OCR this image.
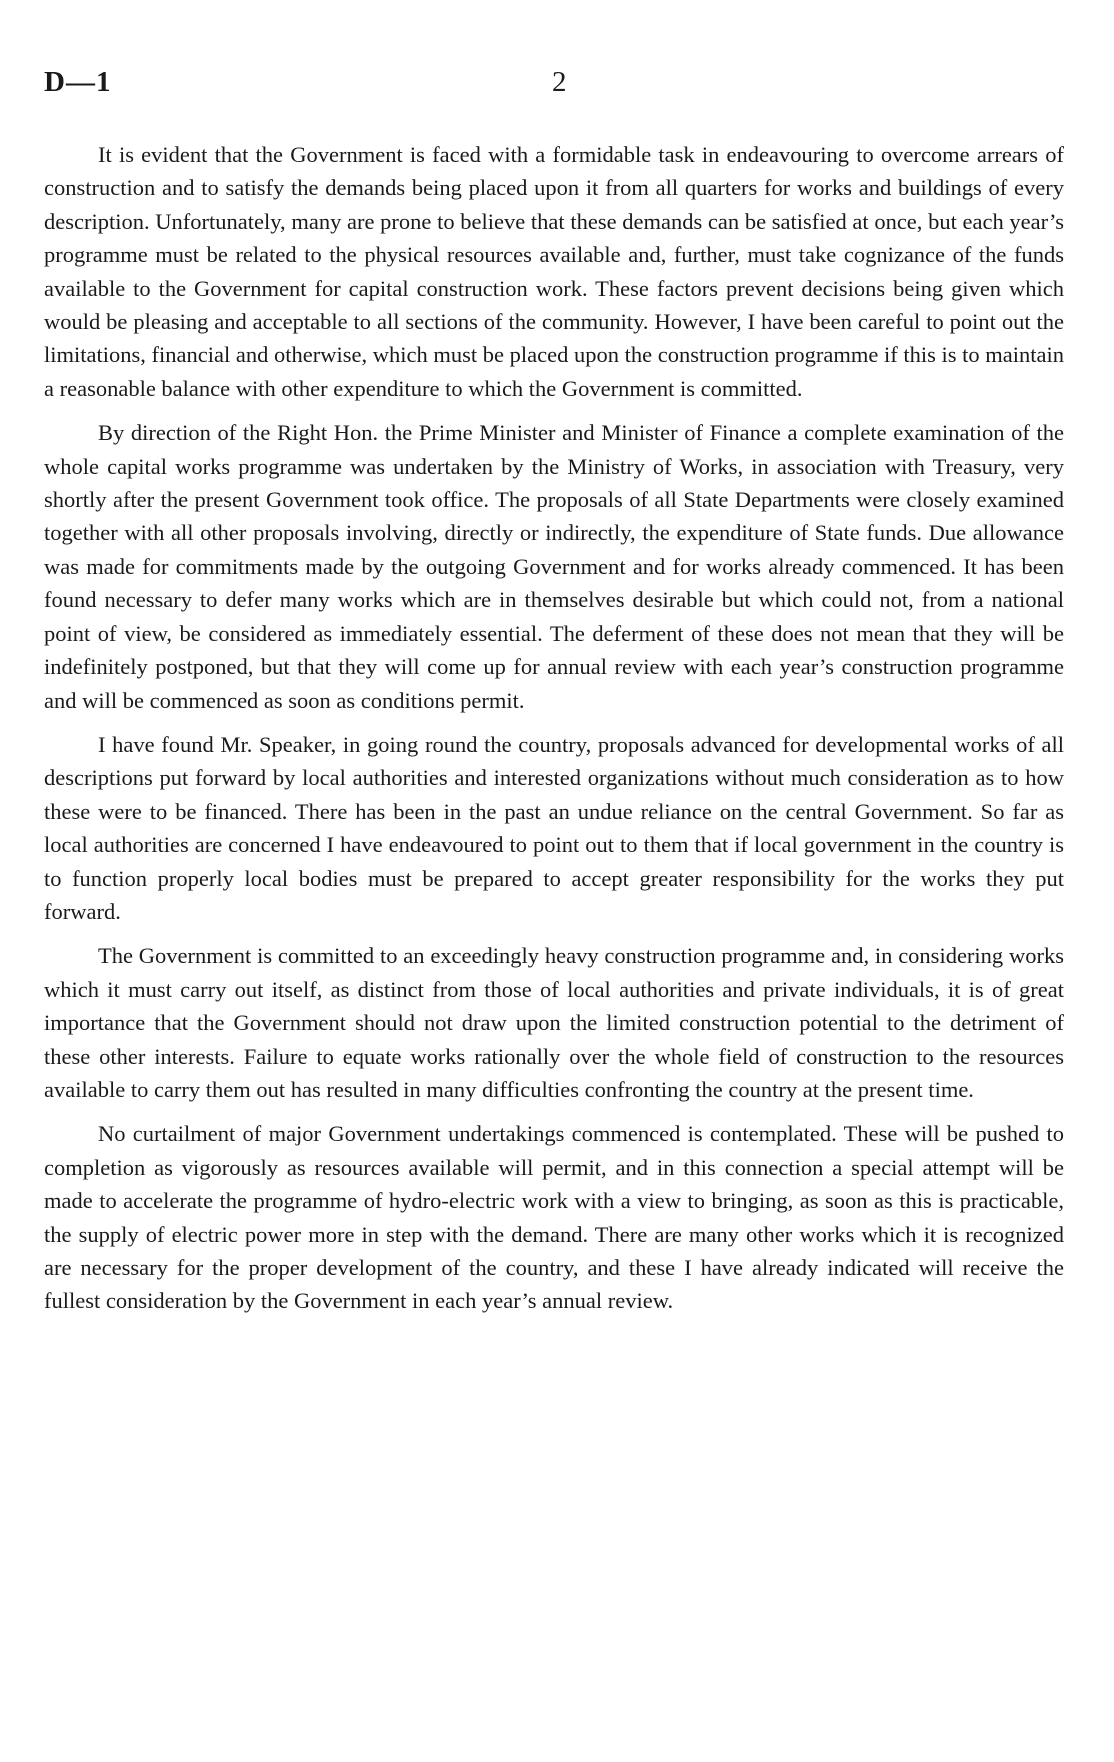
D—1	2

It is evident that the Government is faced with a formidable task in endeavouring to overcome arrears of construction and to satisfy the demands being placed upon it from all quarters for works and buildings of every description. Unfortunately, many are prone to believe that these demands can be satisfied at once, but each year’s programme must be related to the physical resources available and, further, must take cognizance of the funds available to the Government for capital construction work. These factors prevent decisions being given which would be pleasing and acceptable to all sections of the community. However, I have been careful to point out the limitations, financial and otherwise, which must be placed upon the construction programme if this is to maintain a reasonable balance with other expenditure to which the Government is committed.

By direction of the Right Hon. the Prime Minister and Minister of Finance a complete examination of the whole capital works programme was undertaken by the Ministry of Works, in association with Treasury, very shortly after the present Government took office. The proposals of all State Departments were closely examined together with all other proposals involving, directly or indirectly, the expenditure of State funds. Due allowance was made for commitments made by the outgoing Government and for works already commenced. It has been found necessary to defer many works which are in themselves desirable but which could not, from a national point of view, be considered as immediately essential. The deferment of these does not mean that they will be indefinitely postponed, but that they will come up for annual review with each year’s construction programme and will be commenced as soon as conditions permit.

I have found Mr. Speaker, in going round the country, proposals advanced for developmental works of all descriptions put forward by local authorities and interested organizations without much consideration as to how these were to be financed. There has been in the past an undue reliance on the central Government. So far as local authorities are concerned I have endeavoured to point out to them that if local government in the country is to function properly local bodies must be prepared to accept greater responsibility for the works they put forward.

The Government is committed to an exceedingly heavy construction programme and, in considering works which it must carry out itself, as distinct from those of local authorities and private individuals, it is of great importance that the Government should not draw upon the limited construction potential to the detriment of these other interests. Failure to equate works rationally over the whole field of construction to the resources available to carry them out has resulted in many difficulties confronting the country at the present time.

No curtailment of major Government undertakings commenced is contemplated. These will be pushed to completion as vigorously as resources available will permit, and in this connection a special attempt will be made to accelerate the programme of hydro-electric work with a view to bringing, as soon as this is practicable, the supply of electric power more in step with the demand. There are many other works which it is recognized are necessary for the proper development of the country, and these I have already indicated will receive the fullest consideration by the Government in each year’s annual review.
